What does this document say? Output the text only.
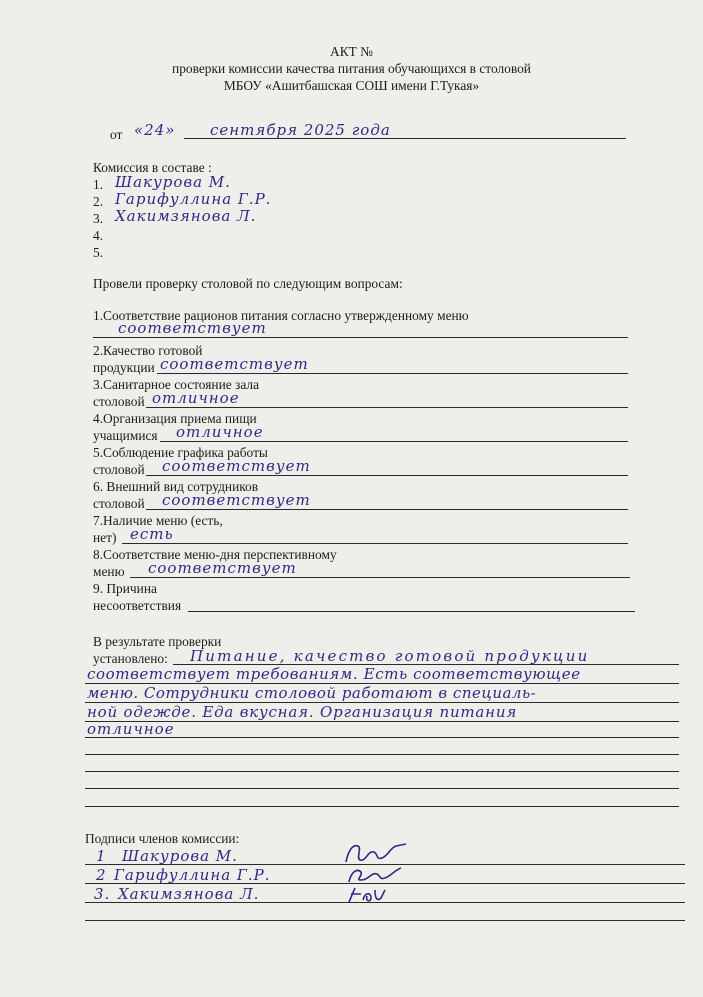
АКТ №
проверки комиссии качества питания обучающихся в столовой
МБОУ «Ашитбашская СОШ имени Г.Тукая»
от «24» сентября 2025 года
Комиссия в составе :
1. Шакурова М.
2. Гарифуллина Г.Р.
3. Хакимзянова Л.
4.
5.
Провели проверку столовой по следующим вопросам:
1.Соответствие рационов питания согласно утвержденному меню
соответствует
2.Качество готовой
продукции соответствует
3.Санитарное состояние зала
столовой отличное
4.Организация приема пищи
учащимися отличное
5.Соблюдение графика работы
столовой соответствует
6. Внешний вид сотрудников
столовой соответствует
7.Наличие меню (есть,
нет) есть
8.Соответствие меню-дня перспективному
меню соответствует
9. Причина
несоответствия
В результате проверки
установлено: Питание, качество готовой продукции
соответствует требованиям. Есть соответствующее
меню. Сотрудники столовой работают в специаль-
ной одежде. Еда вкусная. Организация питания
отличное
Подписи членов комиссии:
1 Шакурова М.
2 Гарифуллина Г.Р.
3. Хакимзянова Л.
